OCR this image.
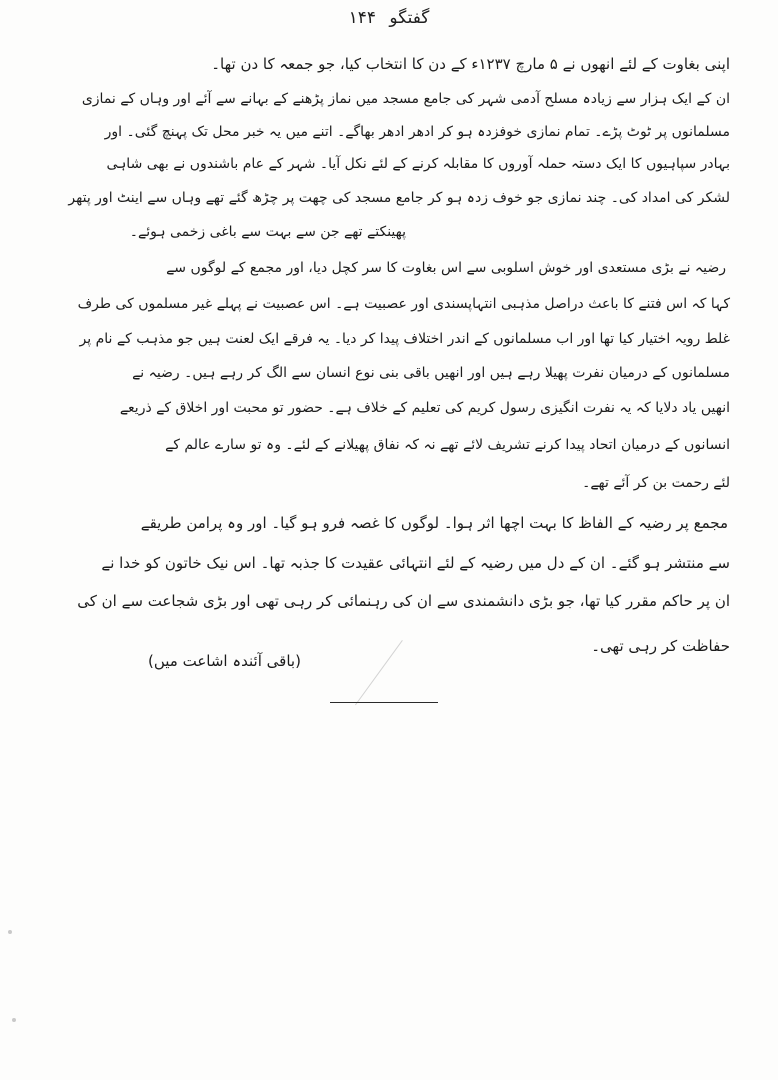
گفتگو ۱۴۴
اپنی بغاوت کے لئے انھوں نے ۵ مارچ ۱۲۳۷ء کے دن کا انتخاب کیا، جو جمعہ کا دن تھا۔
ان کے ایک ہزار سے زیادہ مسلح آدمی شہر کی جامع مسجد میں نماز پڑھنے کے بہانے سے آئے اور وہاں کے نمازی
مسلمانوں پر ٹوٹ پڑے۔ تمام نمازی خوفزدہ ہو کر ادھر ادھر بھاگے۔ اتنے میں یہ خبر محل تک پہنچ گئی۔ اور
بہادر سپاہیوں کا ایک دستہ حملہ آوروں کا مقابلہ کرنے کے لئے نکل آیا۔ شہر کے عام باشندوں نے بھی شاہی
لشکر کی امداد کی۔ چند نمازی جو خوف زدہ ہو کر جامع مسجد کی چھت پر چڑھ گئے تھے وہاں سے اینٹ اور پتھر
پھینکتے تھے جن سے بہت سے باغی زخمی ہوئے۔
رضیہ نے بڑی مستعدی اور خوش اسلوبی سے اس بغاوت کا سر کچل دیا، اور مجمع کے لوگوں سے
کہا کہ اس فتنے کا باعث دراصل مذہبی انتہاپسندی اور عصبیت ہے۔ اس عصبیت نے پہلے غیر مسلموں کی طرف
غلط رویہ اختیار کیا تھا اور اب مسلمانوں کے اندر اختلاف پیدا کر دیا۔ یہ فرقے ایک لعنت ہیں جو مذہب کے نام پر
مسلمانوں کے درمیان نفرت پھیلا رہے ہیں اور انھیں باقی بنی نوع انسان سے الگ کر رہے ہیں۔ رضیہ نے
انھیں یاد دلایا کہ یہ نفرت انگیزی رسول کریم کی تعلیم کے خلاف ہے۔ حضور تو محبت اور اخلاق کے ذریعے
انسانوں کے درمیان اتحاد پیدا کرنے تشریف لائے تھے نہ کہ نفاق پھیلانے کے لئے۔ وہ تو سارے عالم کے
لئے رحمت بن کر آئے تھے۔
مجمع پر رضیہ کے الفاظ کا بہت اچھا اثر ہوا۔ لوگوں کا غصہ فرو ہو گیا۔ اور وہ پرامن طریقے
سے منتشر ہو گئے۔ ان کے دل میں رضیہ کے لئے انتہائی عقیدت کا جذبہ تھا۔ اس نیک خاتون کو خدا نے
ان پر حاکم مقرر کیا تھا، جو بڑی دانشمندی سے ان کی رہنمائی کر رہی تھی اور بڑی شجاعت سے ان کی
حفاظت کر رہی تھی۔
(باقی آئندہ اشاعت میں)
